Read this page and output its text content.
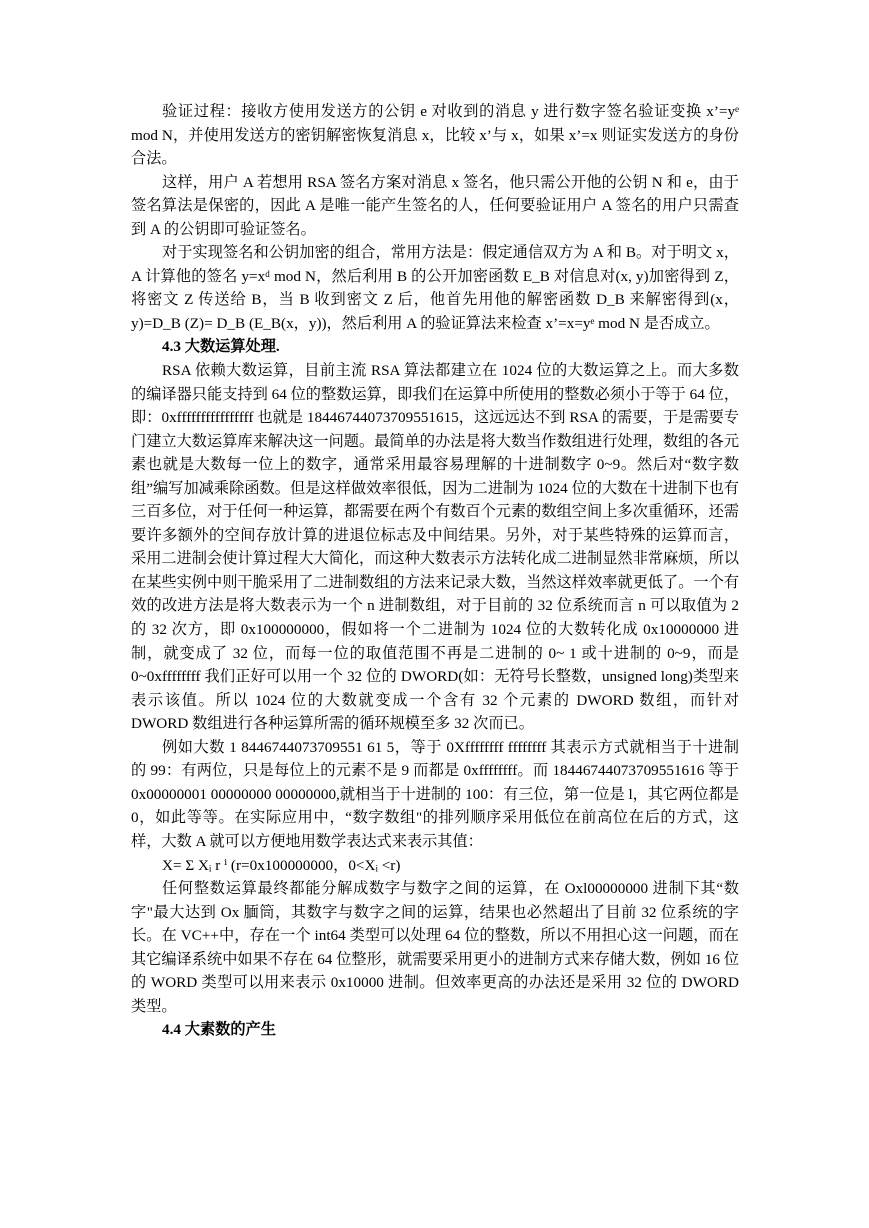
验证过程：接收方使用发送方的公钥 e 对收到的消息 y 进行数字签名验证变换 x’=yᵉ mod N，并使用发送方的密钥解密恢复消息 x，比较 x’与 x，如果 x’=x 则证实发送方的身份合法。

这样，用户 A 若想用 RSA 签名方案对消息 x 签名，他只需公开他的公钥 N 和 e，由于签名算法是保密的，因此 A 是唯一能产生签名的人，任何要验证用户 A 签名的用户只需查到 A 的公钥即可验证签名。

对于实现签名和公钥加密的组合，常用方法是：假定通信双方为 A 和 B。对于明文 x，A 计算他的签名 y=xᵈ mod N，然后利用 B 的公开加密函数 E_B 对信息对(x, y)加密得到 Z，将密文 Z 传送给 B，当 B 收到密文 Z 后，他首先用他的解密函数 D_B 来解密得到(x，y)=D_B (Z)= D_B (E_B(x，y))，然后利用 A 的验证算法来检查 x’=x=yᵉ mod N 是否成立。

4.3 大数运算处理.

RSA 依赖大数运算，目前主流 RSA 算法都建立在 1024 位的大数运算之上。而大多数的编译器只能支持到 64 位的整数运算，即我们在运算中所使用的整数必须小于等于 64 位，即：0xffffffffffffffff 也就是 18446744073709551615，这远远达不到 RSA 的需要，于是需要专门建立大数运算库来解决这一问题。最简单的办法是将大数当作数组进行处理，数组的各元素也就是大数每一位上的数字，通常采用最容易理解的十进制数字 0~9。然后对“数字数组”编写加减乘除函数。但是这样做效率很低，因为二进制为 1024 位的大数在十进制下也有三百多位，对于任何一种运算，都需要在两个有数百个元素的数组空间上多次重循环，还需要许多额外的空间存放计算的进退位标志及中间结果。另外，对于某些特殊的运算而言， 采用二进制会使计算过程大大简化，而这种大数表示方法转化成二进制显然非常麻烦，所以在某些实例中则干脆采用了二进制数组的方法来记录大数，当然这样效率就更低了。一个有效的改进方法是将大数表示为一个 n 进制数组，对于目前的 32 位系统而言 n 可以取值为 2 的 32 次方，即 0x100000000，假如将一个二进制为 1024 位的大数转化成 0x10000000 进制，就变成了 32 位，而每一位的取值范围不再是二进制的 0~ 1 或十进制的 0~9，而是 0~0xffffffff 我们正好可以用一个 32 位的 DWORD(如：无符号长整数，unsigned long)类型来表示该值。所以 1024 位的大数就变成一个含有 32 个元素的 DWORD 数组，而针对 DWORD 数组进行各种运算所需的循环规模至多 32 次而已。

例如大数 1 8446744073709551 61 5，等于 0Xffffffff ffffffff 其表示方式就相当于十进制的 99：有两位，只是每位上的元素不是 9 而都是 0xffffffff。而 18446744073709551616 等于 0x00000001 00000000 00000000,就相当于十进制的 100：有三位，第一位是 l，其它两位都是 0，如此等等。在实际应用中，“数字数组"的排列顺序采用低位在前高位在后的方式，这样，大数 A 就可以方便地用数学表达式来表示其值：

X= Σ Xᵢ r ⁱ (r=0x100000000，0<Xᵢ <r)

任何整数运算最终都能分解成数字与数字之间的运算，在 Oxl00000000 进制下其“数字"最大达到 Ox 腼筒，其数字与数字之间的运算，结果也必然超出了目前 32 位系统的字长。在 VC++中，存在一个 int64 类型可以处理 64 位的整数，所以不用担心这一问题，而在其它编译系统中如果不存在 64 位整形，就需要采用更小的进制方式来存储大数，例如 16 位的 WORD 类型可以用来表示 0x10000 进制。但效率更高的办法还是采用 32 位的 DWORD 类型。

4.4 大素数的产生
